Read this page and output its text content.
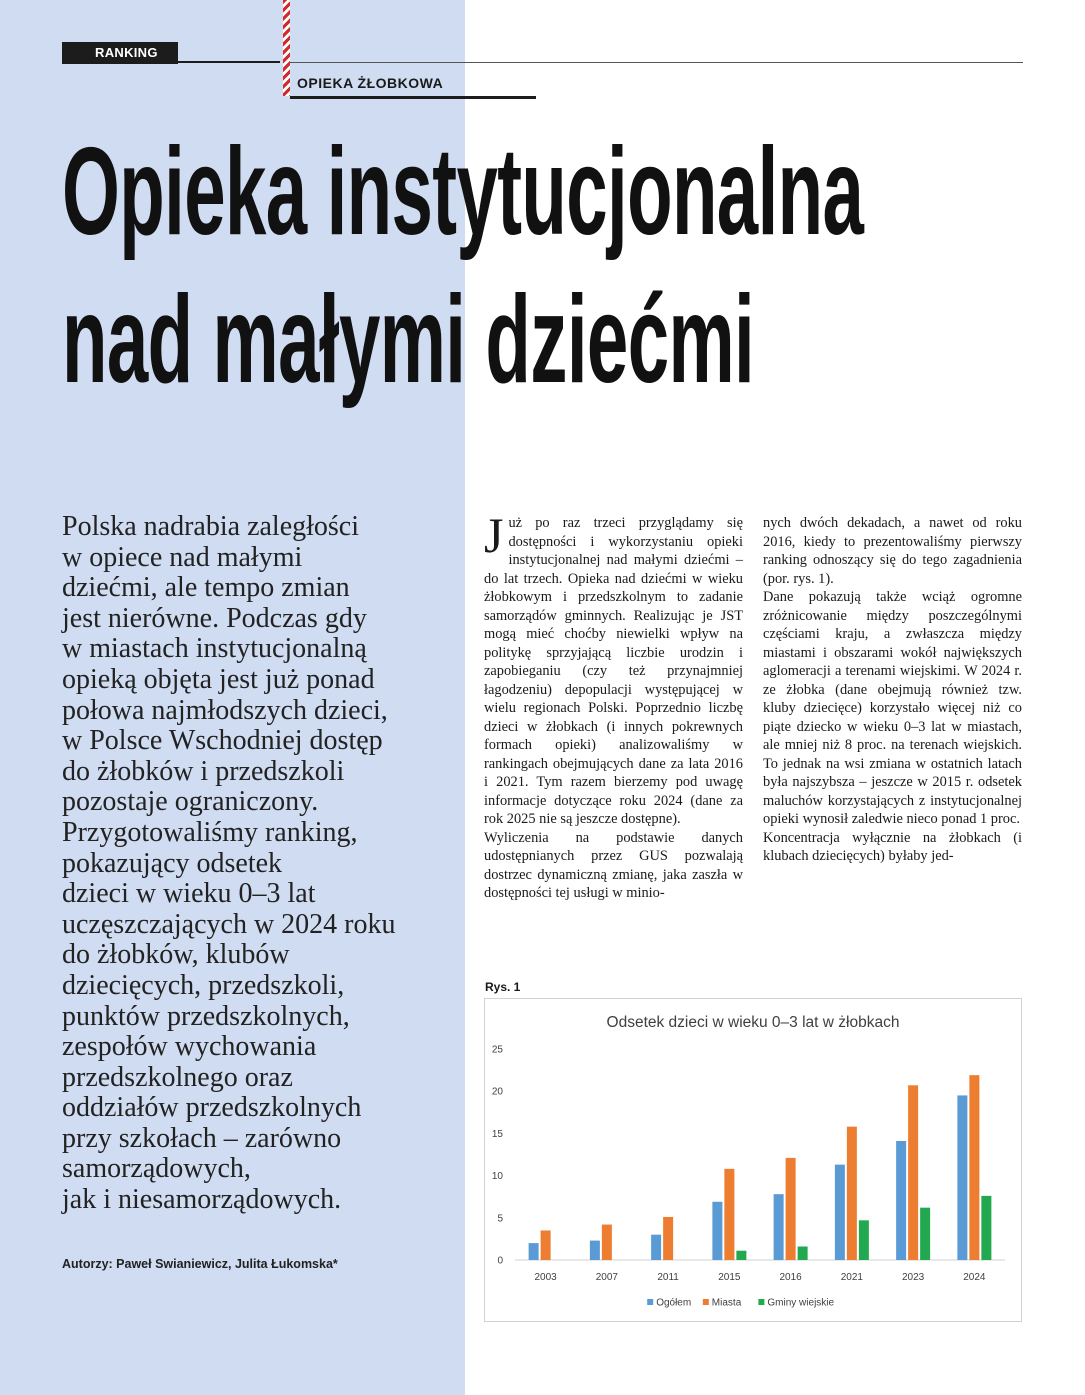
RANKING
OPIEKA ŻŁOBKOWA
Opieka instytucjonalna
nad małymi dziećmi

Polska nadrabia zaległości
w opiece nad małymi
dziećmi, ale tempo zmian
jest nierówne. Podczas gdy
w miastach instytucjonalną
opieką objęta jest już ponad
połowa najmłodszych dzieci,
w Polsce Wschodniej dostęp
do żłobków i przedszkoli
pozostaje ograniczony.
Przygotowaliśmy ranking,
pokazujący odsetek
dzieci w wieku 0–3 lat
uczęszczających w 2024 roku
do żłobków, klubów
dziecięcych, przedszkoli,
punktów przedszkolnych,
zespołów wychowania
przedszkolnego oraz
oddziałów przedszkolnych
przy szkołach – zarówno
samorządowych,
jak i niesamorządowych.

Autorzy: Paweł Swianiewicz, Julita Łukomska*

Już po raz trzeci przyglądamy się dostępności i wykorzystaniu opieki instytucjonalnej nad małymi dziećmi – do lat trzech. Opieka nad dziećmi w wieku żłobkowym i przedszkolnym to zadanie samorządów gminnych. Realizując je JST mogą mieć choćby niewielki wpływ na politykę sprzyjającą liczbie urodzin i zapobieganiu (czy też przynajmniej łagodzeniu) depopulacji występującej w wielu regionach Polski. Poprzednio liczbę dzieci w żłobkach (i innych pokrewnych formach opieki) analizowaliśmy w rankingach obejmujących dane za lata 2016 i 2021. Tym razem bierzemy pod uwagę informacje dotyczące roku 2024 (dane za rok 2025 nie są jeszcze dostępne).

Wyliczenia na podstawie danych udostępnianych przez GUS pozwalają dostrzec dynamiczną zmianę, jaka zaszła w dostępności tej usługi w minio-

nych dwóch dekadach, a nawet od roku 2016, kiedy to prezentowaliśmy pierwszy ranking odnoszący się do tego zagadnienia (por. rys. 1).

Dane pokazują także wciąż ogromne zróżnicowanie między poszczególnymi częściami kraju, a zwłaszcza między miastami i obszarami wokół największych aglomeracji a terenami wiejskimi. W 2024 r. ze żłobka (dane obejmują również tzw. kluby dziecięce) korzystało więcej niż co piąte dziecko w wieku 0–3 lat w miastach, ale mniej niż 8 proc. na terenach wiejskich. To jednak na wsi zmiana w ostatnich latach była najszybsza – jeszcze w 2015 r. odsetek maluchów korzystających z instytucjonalnej opieki wynosił zaledwie nieco ponad 1 proc.

Koncentracja wyłącznie na żłobkach (i klubach dziecięcych) byłaby jed-

Rys. 1
Odsetek dzieci w wieku 0–3 lat w żłobkach
0
5
10
15
20
25
2003	2007	2011	2015	2016	2021	2023	2024
Ogółem Miasta	Gminy wiejskie
